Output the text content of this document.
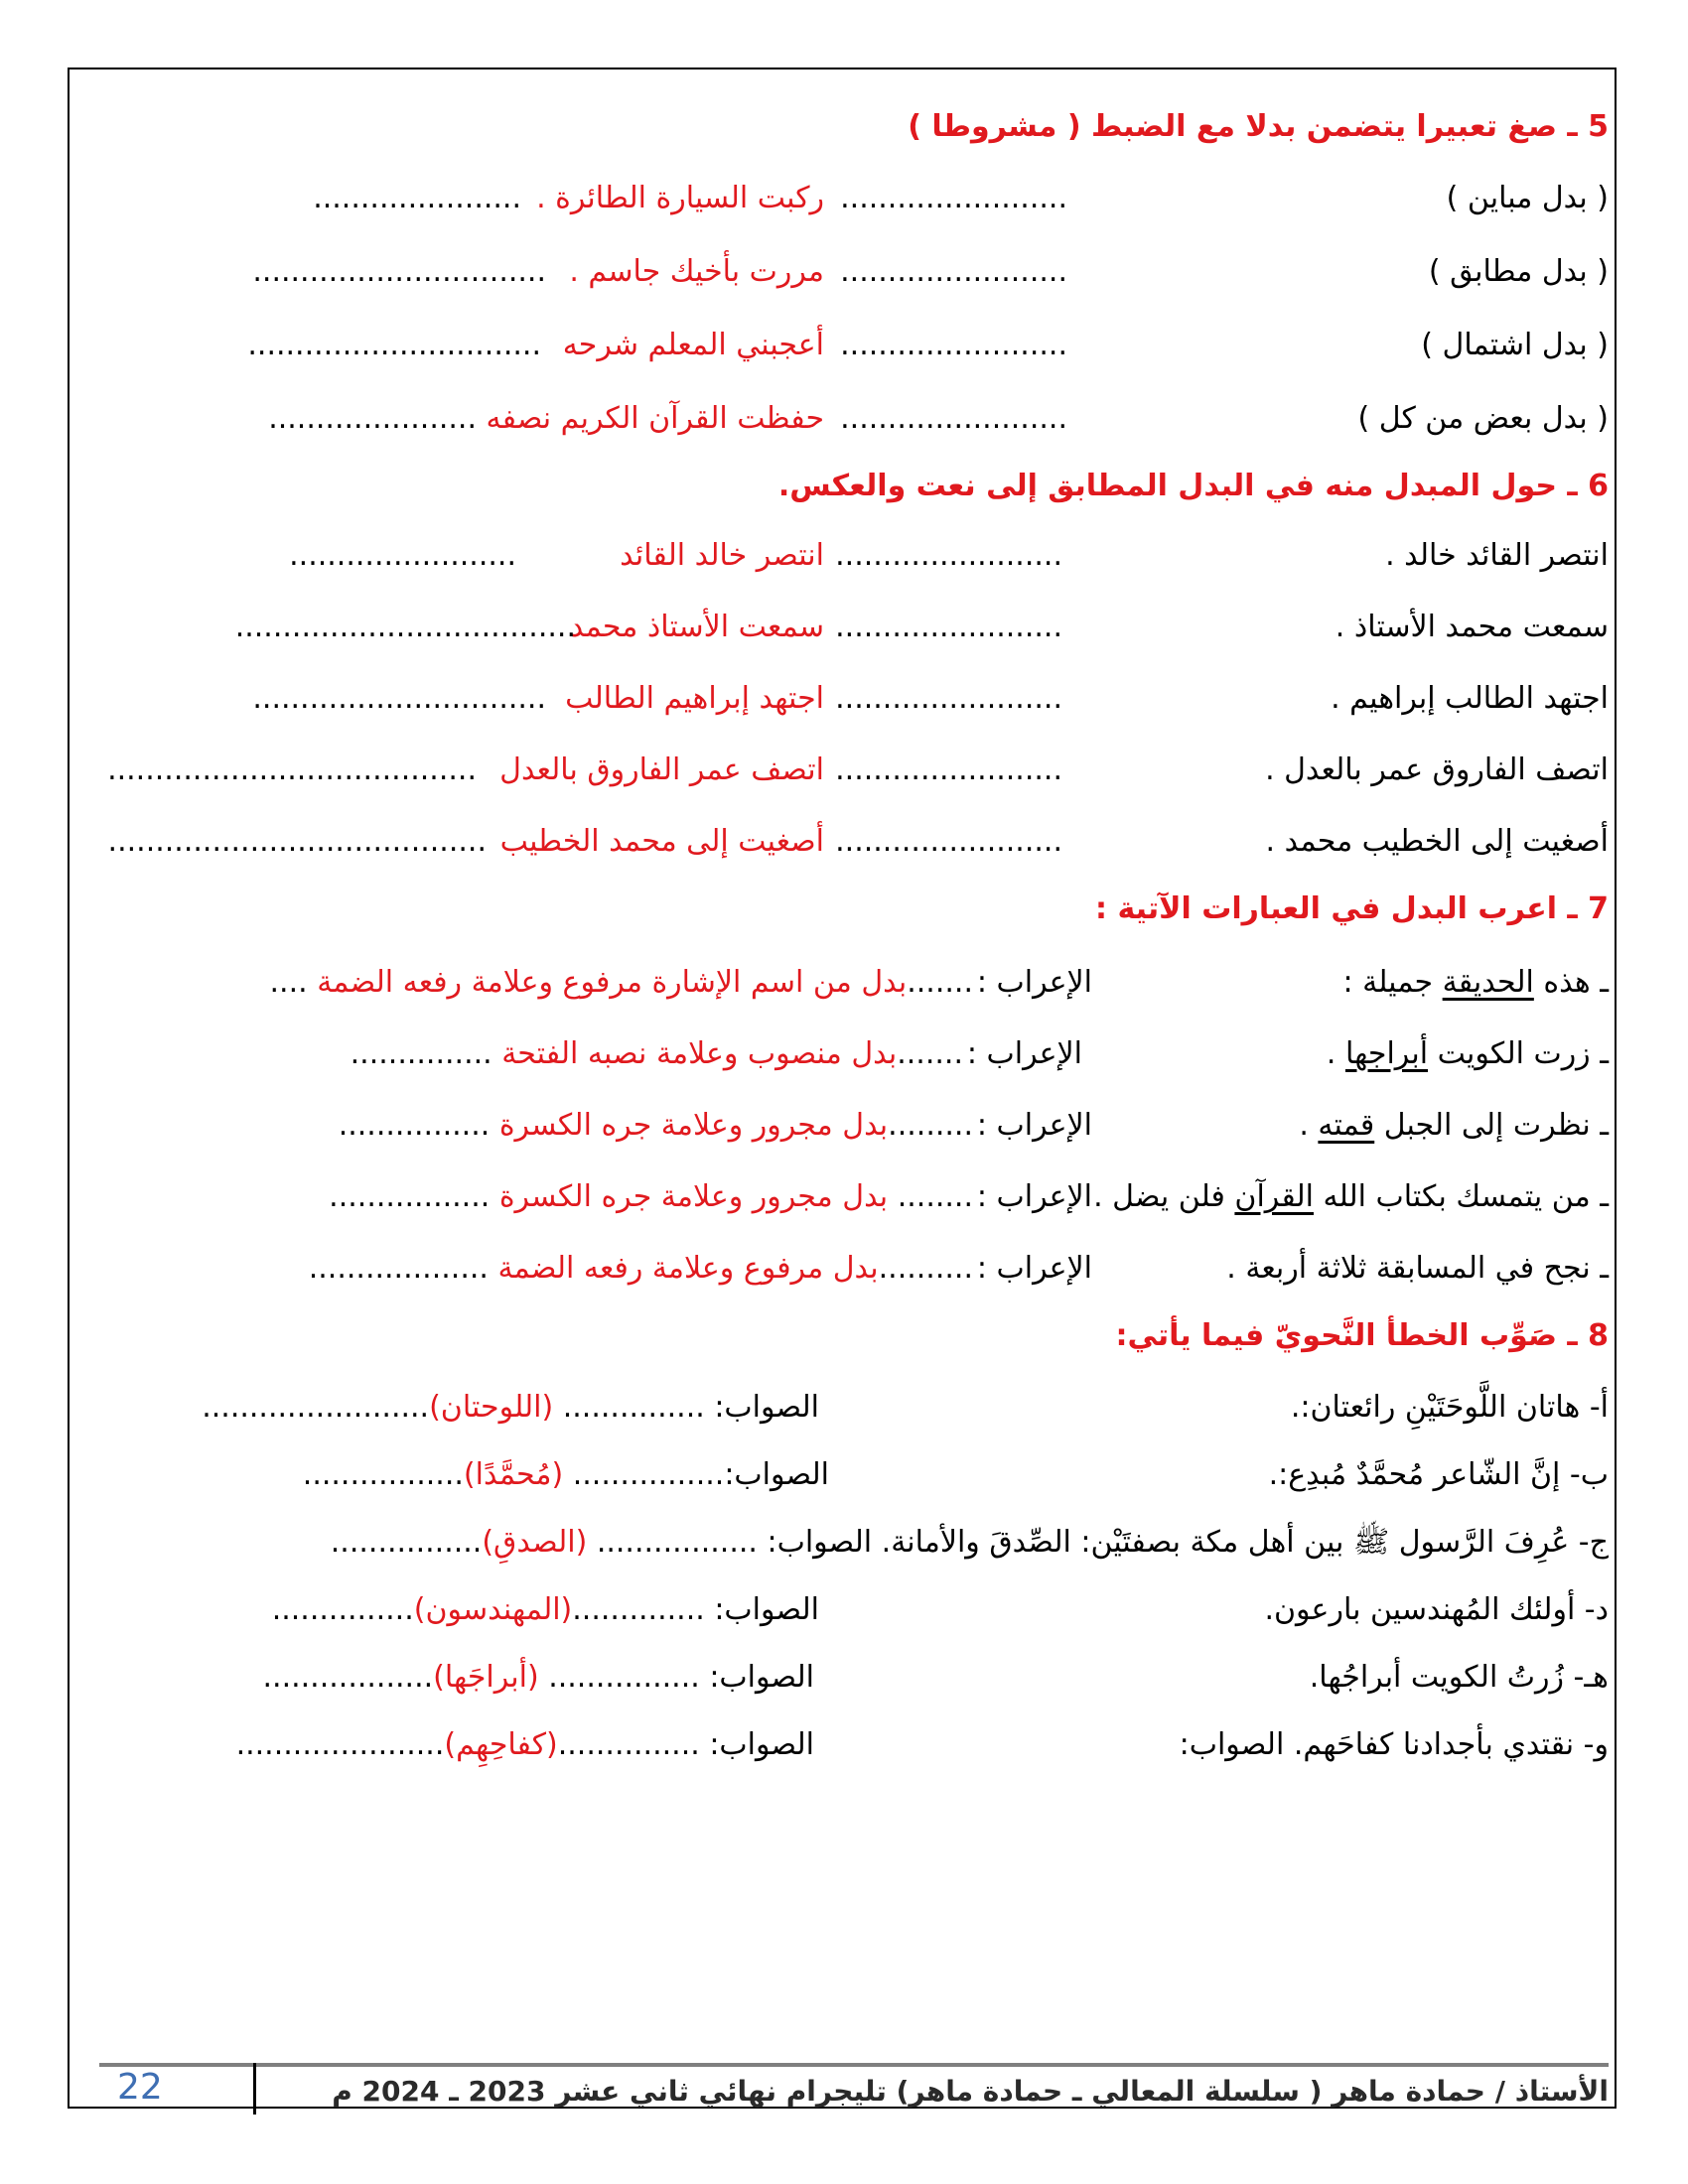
5 ـ صغ تعبيرا يتضمن بدلا مع الضبط ( مشروطا )
( بدل مباين )
........................
ركبت السيارة الطائرة .
......................
( بدل مطابق )
........................
مررت بأخيك جاسم .
...............................
( بدل اشتمال )
........................
أعجبني المعلم شرحه
...............................
( بدل بعض من كل )
........................
حفظت القرآن الكريم نصفه
......................
6 ـ حول المبدل منه في البدل المطابق إلى نعت والعكس.
انتصر القائد خالد .
........................
انتصر خالد القائد
........................
سمعت محمد الأستاذ .
........................
سمعت الأستاذ محمد
....................................
اجتهد الطالب إبراهيم .
........................
اجتهد إبراهيم الطالب
...............................
اتصف الفاروق عمر بالعدل .
........................
اتصف عمر الفاروق بالعدل
.......................................
أصغيت إلى الخطيب محمد .
........................
أصغيت إلى محمد الخطيب
........................................
7 ـ اعرب البدل في العبارات الآتية :
ـ هذه الحديقة جميلة :
الإعراب :
.......بدل من اسم الإشارة مرفوع وعلامة رفعه الضمة ....
ـ زرت الكويت أبراجها .
الإعراب :
.......بدل منصوب وعلامة نصبه الفتحة ...............
ـ نظرت إلى الجبل قمته .
الإعراب :
.........بدل مجرور وعلامة جره الكسرة ................
ـ من يتمسك بكتاب الله القرآن فلن يضل .
الإعراب :
........ بدل مجرور وعلامة جره الكسرة .................
ـ نجح في المسابقة ثلاثة أربعة .
الإعراب :
..........بدل مرفوع وعلامة رفعه الضمة ...................
8 ـ صَوِّب الخطأ النَّحويّ فيما يأتي:
أ- هاتان اللَّوحَتَيْنِ رائعتان:.
الصواب: ............... (اللوحتان)........................
ب- إنَّ الشّاعر مُحمَّدٌ مُبدِع:.
الصواب:................ (مُحمَّدًا).................
ج- عُرِفَ الرَّسول ﷺ بين أهل مكة بصفتَيْن: الصِّدقَ والأمانة. الصواب: ................. (الصدقِ)................
د- أولئك المُهندسين بارعون.
الصواب: ..............(المهندسون)...............
هـ- زُرتُ الكويت أبراجُها.
الصواب: ................ (أبراجَها)..................
و- نقتدي بأجدادنا كفاحَهم. الصواب:
الصواب: ...............(كفاحِهِم)......................
الأستاذ / حمادة ماهر ( سلسلة المعالي ـ حمادة ماهر) تليجرام نهائي ثاني عشر 2023 ـ 2024 م
22
